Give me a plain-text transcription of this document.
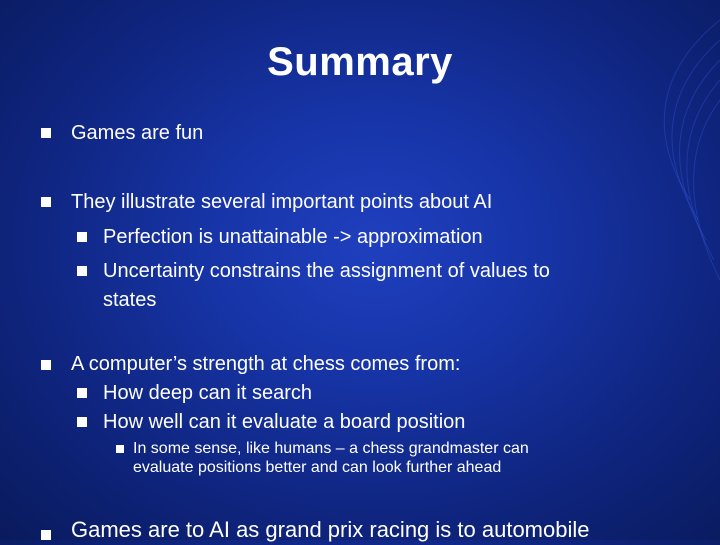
Summary
Games are fun
They illustrate several important points about AI
Perfection is unattainable -> approximation
Uncertainty constrains the assignment of values to
states
A computer’s strength at chess comes from:
How deep can it search
How well can it evaluate a board position
In some sense, like humans – a chess grandmaster can
evaluate positions better and can look further ahead
Games are to AI as grand prix racing is to automobile
